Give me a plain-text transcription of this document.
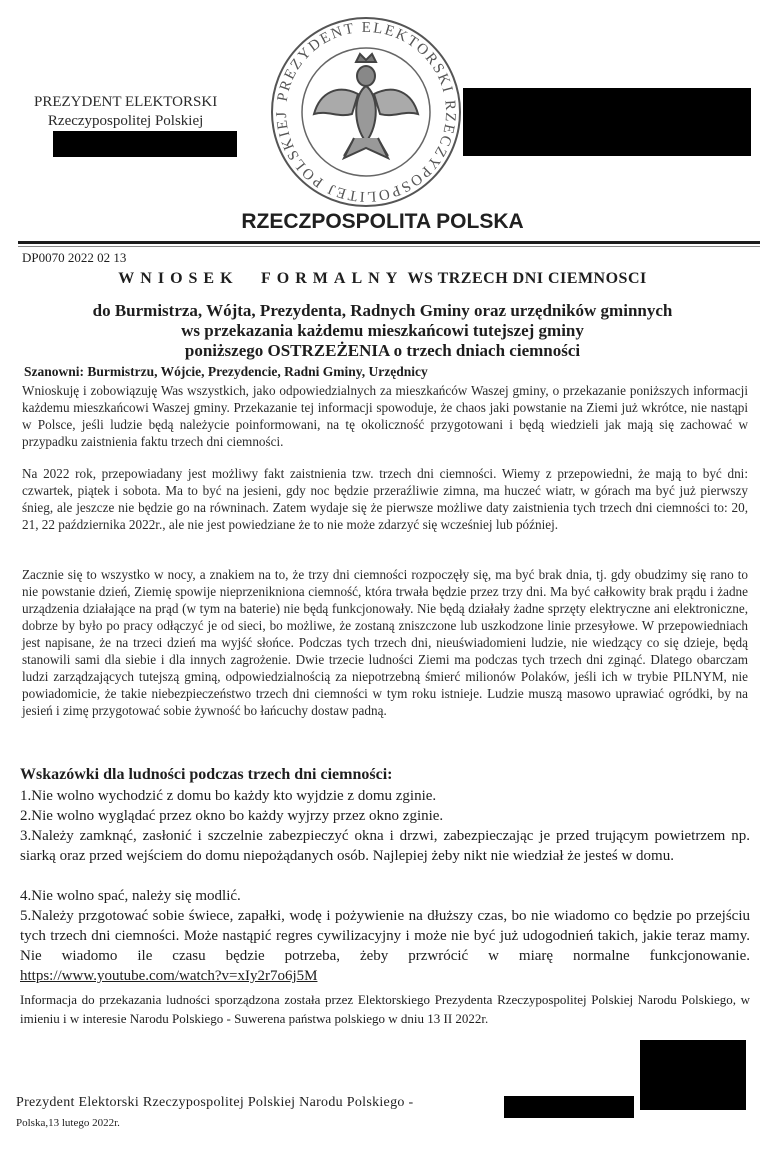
PREZYDENT ELEKTORSKI
Rzeczypospolitej Polskiej
PREZYDENT ELEKTORSKI RZECZYPOSPOLITEJ POLSKIEJ
RZECZPOSPOLITA POLSKA
DP0070 2022 02 13
WNIOSEK FORMALNY WS TRZECH DNI CIEMNOSCI
do Burmistrza, Wójta, Prezydenta, Radnych Gminy oraz urzędników gminnych
ws przekazania każdemu mieszkańcowi tutejszej gminy
poniższego OSTRZEŻENIA o trzech dniach ciemności
Szanowni: Burmistrzu, Wójcie, Prezydencie, Radni Gminy, Urzędnicy
Wnioskuję i zobowiązuję Was wszystkich, jako odpowiedzialnych za mieszkańców Waszej gminy, o przekazanie poniższych informacji każdemu mieszkańcowi Waszej gminy. Przekazanie tej informacji spowoduje, że chaos jaki powstanie na Ziemi już wkrótce, nie nastąpi w Polsce, jeśli ludzie będą należycie poinformowani, na tę okoliczność przygotowani i będą wiedzieli jak mają się zachować w przypadku zaistnienia faktu trzech dni ciemności.
Na 2022 rok, przepowiadany jest możliwy fakt zaistnienia tzw. trzech dni ciemności. Wiemy z przepowiedni, że mają to być dni: czwartek, piątek i sobota. Ma to być na jesieni, gdy noc będzie przeraźliwie zimna, ma huczeć wiatr, w górach ma być już pierwszy śnieg, ale jeszcze nie będzie go na równinach. Zatem wydaje się że pierwsze możliwe daty zaistnienia tych trzech dni ciemności to: 20, 21, 22 października 2022r., ale nie jest powiedziane że to nie może zdarzyć się wcześniej lub później.
Zacznie się to wszystko w nocy, a znakiem na to, że trzy dni ciemności rozpoczęły się, ma być brak dnia, tj. gdy obudzimy się rano to nie powstanie dzień, Ziemię spowije nieprzenikniona ciemność, która trwała będzie przez trzy dni. Ma być całkowity brak prądu i żadne urządzenia działające na prąd (w tym na baterie) nie będą funkcjonowały. Nie będą działały żadne sprzęty elektryczne ani elektroniczne, dobrze by było po pracy odłączyć je od sieci, bo możliwe, że zostaną zniszczone lub uszkodzone linie przesyłowe. W przepowiedniach jest napisane, że na trzeci dzień ma wyjść słońce. Podczas tych trzech dni, nieuświadomieni ludzie, nie wiedzący co się dzieje, będą stanowili sami dla siebie i dla innych zagrożenie. Dwie trzecie ludności Ziemi ma podczas tych trzech dni zginąć. Dlatego obarczam ludzi zarządzających tutejszą gminą, odpowiedzialnością za niepotrzebną śmierć milionów Polaków, jeśli ich w trybie PILNYM, nie powiadomicie, że takie niebezpieczeństwo trzech dni ciemności w tym roku istnieje. Ludzie muszą masowo uprawiać ogródki, by na jesień i zimę przygotować sobie żywność bo łańcuchy dostaw padną.
Wskazówki dla ludności podczas trzech dni ciemności:
1.Nie wolno wychodzić z domu bo każdy kto wyjdzie z domu zginie.
2.Nie wolno wyglądać przez okno bo każdy wyjrzy przez okno zginie.
3.Należy zamknąć, zasłonić i szczelnie zabezpieczyć okna i drzwi, zabezpieczając je przed trującym powietrzem np. siarką oraz przed wejściem do domu niepożądanych osób. Najlepiej żeby nikt nie wiedział że jesteś w domu.
4.Nie wolno spać, należy się modlić.
5.Należy przgotować sobie świece, zapałki, wodę i pożywienie na dłuższy czas, bo nie wiadomo co będzie po przejściu tych trzech dni ciemności. Może nastąpić regres cywilizacyjny i może nie być już udogodnień takich, jakie teraz mamy. Nie wiadomo ile czasu będzie potrzeba, żeby przwrócić w miarę normalne funkcjonowanie. https://www.youtube.com/watch?v=xIy2r7o6j5M
Informacja do przekazania ludności sporządzona została przez Elektorskiego Prezydenta Rzeczypospolitej Polskiej Narodu Polskiego, w imieniu i w interesie Narodu Polskiego - Suwerena państwa polskiego w dniu 13 II 2022r.
Prezydent Elektorski Rzeczypospolitej Polskiej Narodu Polskiego -
Polska,13 lutego 2022r.
